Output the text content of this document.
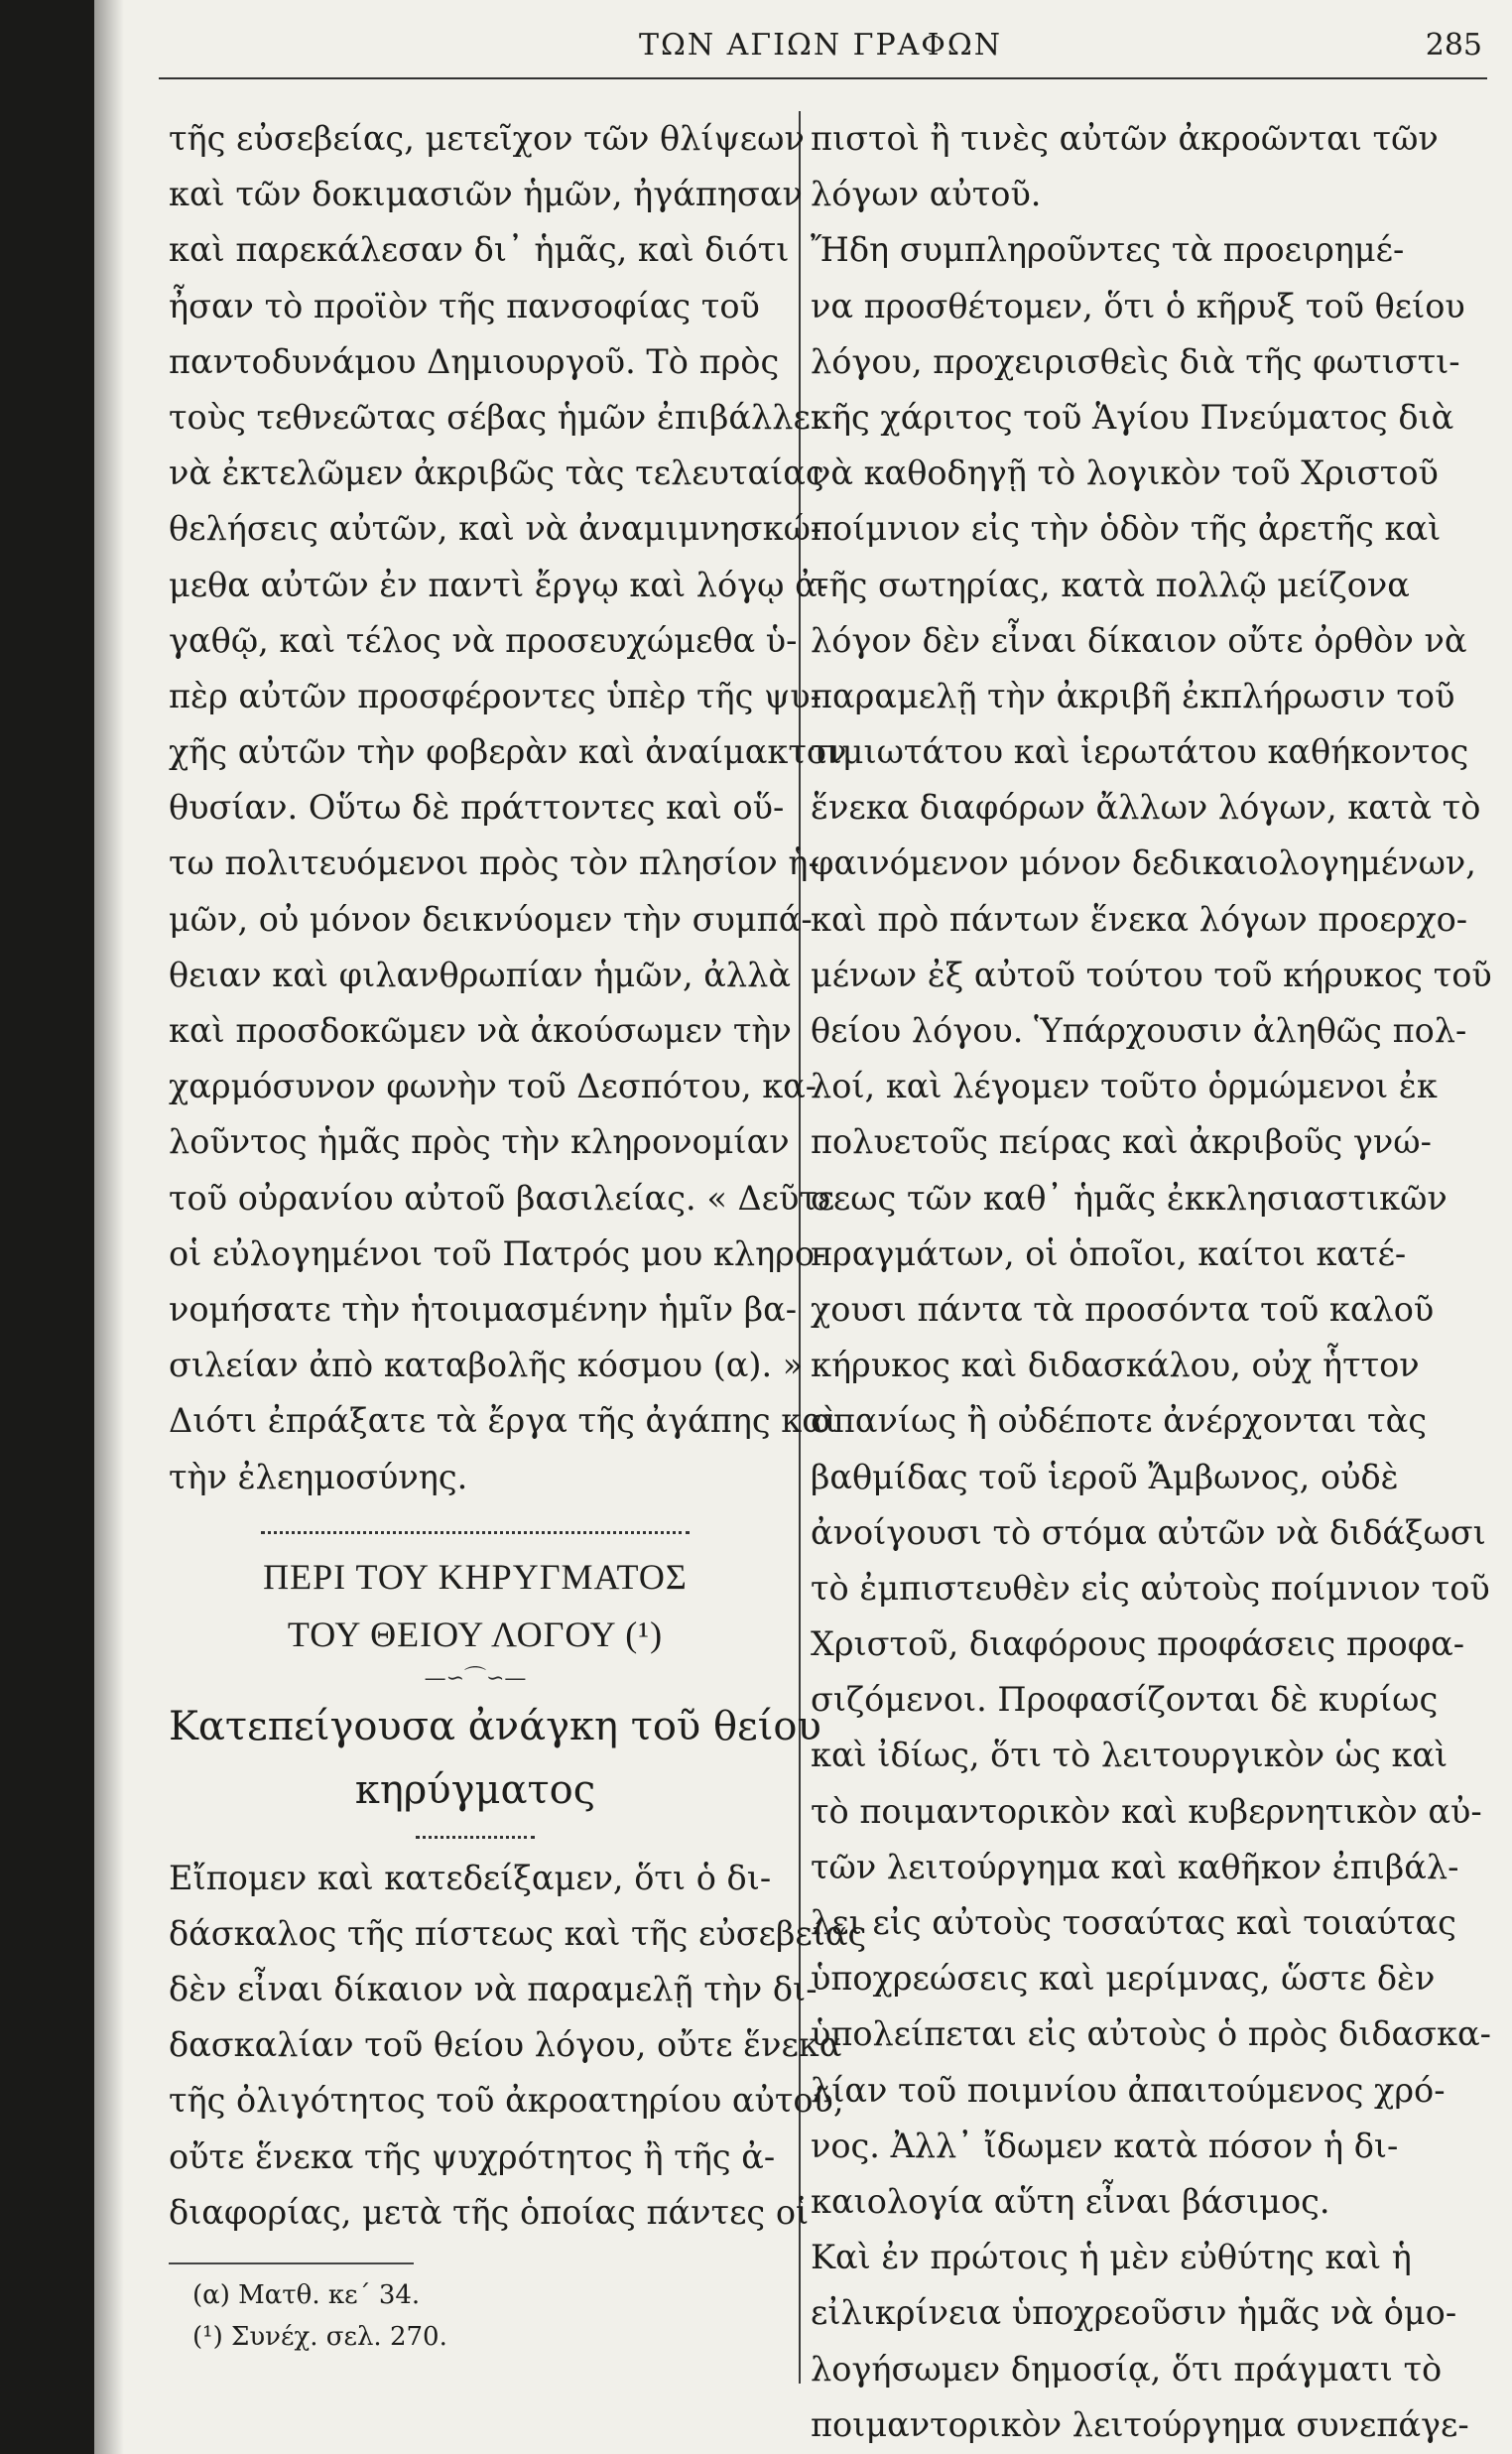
ΤΩΝ ΑΓΙΩΝ ΓΡΑΦΩΝ	285
τῆς εὐσεβείας, μετεῖχον τῶν θλίψεων
καὶ τῶν δοκιμασιῶν ἡμῶν, ἠγάπησαν
καὶ παρεκάλεσαν δι᾽ ἡμᾶς, καὶ διότι
ἦσαν τὸ προϊὸν τῆς πανσοφίας τοῦ
παντοδυνάμου Δημιουργοῦ. Τὸ πρὸς
τοὺς τεθνεῶτας σέβας ἡμῶν ἐπιβάλλει
νὰ ἐκτελῶμεν ἀκριβῶς τὰς τελευταίας
θελήσεις αὐτῶν, καὶ νὰ ἀναμιμνησκώ-
μεθα αὐτῶν ἐν παντὶ ἔργῳ καὶ λόγῳ ἀ-
γαθῷ, καὶ τέλος νὰ προσευχώμεθα ὑ-
πὲρ αὐτῶν προσφέροντες ὑπὲρ τῆς ψυ-
χῆς αὐτῶν τὴν φοβερὰν καὶ ἀναίμακτον
θυσίαν. Οὕτω δὲ πράττοντες καὶ οὕ-
τω πολιτευόμενοι πρὸς τὸν πλησίον ἡ-
μῶν, οὐ μόνον δεικνύομεν τὴν συμπά-
θειαν καὶ φιλανθρωπίαν ἡμῶν, ἀλλὰ
καὶ προσδοκῶμεν νὰ ἀκούσωμεν τὴν
χαρμόσυνον φωνὴν τοῦ Δεσπότου, κα-
λοῦντος ἡμᾶς πρὸς τὴν κληρονομίαν
τοῦ οὐρανίου αὐτοῦ βασιλείας. « Δεῦτε
οἱ εὐλογημένοι τοῦ Πατρός μου κληρο-
νομήσατε τὴν ἡτοιμασμένην ἡμῖν βα-
σιλείαν ἀπὸ καταβολῆς κόσμου (α). »
Διότι ἐπράξατε τὰ ἔργα τῆς ἀγάπης καὶ
τὴν ἐλεημοσύνης.
ΠΕΡΙ ΤΟΥ ΚΗΡΥΓΜΑΤΟΣ
ΤΟΥ ΘΕΙΟΥ ΛΟΓΟΥ (¹)
—∽⌒∽—
Κατεπείγουσα ἀνάγκη τοῦ θείου
κηρύγματος
Εἴπομεν καὶ κατεδείξαμεν, ὅτι ὁ δι-
δάσκαλος τῆς πίστεως καὶ τῆς εὐσεβείας
δὲν εἶναι δίκαιον νὰ παραμελῇ τὴν δι-
δασκαλίαν τοῦ θείου λόγου, οὔτε ἕνεκα
τῆς ὀλιγότητος τοῦ ἀκροατηρίου αὐτοῦ,
οὔτε ἕνεκα τῆς ψυχρότητος ἢ τῆς ἀ-
διαφορίας, μετὰ τῆς ὁποίας πάντες οἱ
(α) Ματθ. κε´ 34.
(¹) Συνέχ. σελ. 270.
πιστοὶ ἢ τινὲς αὐτῶν ἀκροῶνται τῶν
λόγων αὐτοῦ.
Ἤδη συμπληροῦντες τὰ προειρημέ-
να προσθέτομεν, ὅτι ὁ κῆρυξ τοῦ θείου
λόγου, προχειρισθεὶς διὰ τῆς φωτιστι-
κῆς χάριτος τοῦ Ἁγίου Πνεύματος διὰ
νὰ καθοδηγῇ τὸ λογικὸν τοῦ Χριστοῦ
ποίμνιον εἰς τὴν ὁδὸν τῆς ἀρετῆς καὶ
τῆς σωτηρίας, κατὰ πολλῷ μείζονα
λόγον δὲν εἶναι δίκαιον οὔτε ὀρθὸν νὰ
παραμελῇ τὴν ἀκριβῆ ἐκπλήρωσιν τοῦ
τιμιωτάτου καὶ ἱερωτάτου καθήκοντος
ἕνεκα διαφόρων ἄλλων λόγων, κατὰ τὸ
φαινόμενον μόνον δεδικαιολογημένων,
καὶ πρὸ πάντων ἕνεκα λόγων προερχο-
μένων ἐξ αὐτοῦ τούτου τοῦ κήρυκος τοῦ
θείου λόγου. Ὑπάρχουσιν ἀληθῶς πολ-
λοί, καὶ λέγομεν τοῦτο ὁρμώμενοι ἐκ
πολυετοῦς πείρας καὶ ἀκριβοῦς γνώ-
σεως τῶν καθ᾽ ἡμᾶς ἐκκλησιαστικῶν
πραγμάτων, οἱ ὁποῖοι, καίτοι κατέ-
χουσι πάντα τὰ προσόντα τοῦ καλοῦ
κήρυκος καὶ διδασκάλου, οὐχ ἧττον
σπανίως ἢ οὐδέποτε ἀνέρχονται τὰς
βαθμίδας τοῦ ἱεροῦ Ἄμβωνος, οὐδὲ
ἀνοίγουσι τὸ στόμα αὐτῶν νὰ διδάξωσι
τὸ ἐμπιστευθὲν εἰς αὐτοὺς ποίμνιον τοῦ
Χριστοῦ, διαφόρους προφάσεις προφα-
σιζόμενοι. Προφασίζονται δὲ κυρίως
καὶ ἰδίως, ὅτι τὸ λειτουργικὸν ὡς καὶ
τὸ ποιμαντορικὸν καὶ κυβερνητικὸν αὐ-
τῶν λειτούργημα καὶ καθῆκον ἐπιβάλ-
λει εἰς αὐτοὺς τοσαύτας καὶ τοιαύτας
ὑποχρεώσεις καὶ μερίμνας, ὥστε δὲν
ὑπολείπεται εἰς αὐτοὺς ὁ πρὸς διδασκα-
λίαν τοῦ ποιμνίου ἀπαιτούμενος χρό-
νος. Ἀλλ᾽ ἴδωμεν κατὰ πόσον ἡ δι-
καιολογία αὕτη εἶναι βάσιμος.
Καὶ ἐν πρώτοις ἡ μὲν εὐθύτης καὶ ἡ
εἰλικρίνεια ὑποχρεοῦσιν ἡμᾶς νὰ ὁμο-
λογήσωμεν δημοσίᾳ, ὅτι πράγματι τὸ
ποιμαντορικὸν λειτούργημα συνεπάγε-
